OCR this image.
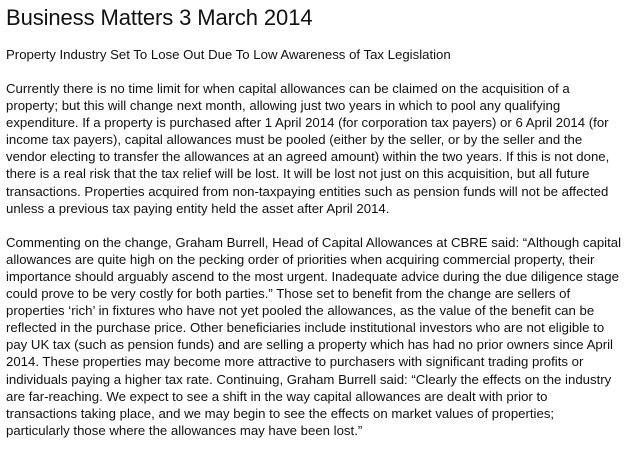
Business Matters 3 March 2014

Property Industry Set To Lose Out Due To Low Awareness of Tax Legislation

Currently there is no time limit for when capital allowances can be claimed on the acquisition of a
property; but this will change next month, allowing just two years in which to pool any qualifying
expenditure. If a property is purchased after 1 April 2014 (for corporation tax payers) or 6 April 2014 (for
income tax payers), capital allowances must be pooled (either by the seller, or by the seller and the
vendor electing to transfer the allowances at an agreed amount) within the two years. If this is not done,
there is a real risk that the tax relief will be lost. It will be lost not just on this acquisition, but all future
transactions. Properties acquired from non-taxpaying entities such as pension funds will not be affected
unless a previous tax paying entity held the asset after April 2014.

Commenting on the change, Graham Burrell, Head of Capital Allowances at CBRE said: “Although capital
allowances are quite high on the pecking order of priorities when acquiring commercial property, their
importance should arguably ascend to the most urgent. Inadequate advice during the due diligence stage
could prove to be very costly for both parties.” Those set to benefit from the change are sellers of
properties ‘rich’ in fixtures who have not yet pooled the allowances, as the value of the benefit can be
reflected in the purchase price. Other beneficiaries include institutional investors who are not eligible to
pay UK tax (such as pension funds) and are selling a property which has had no prior owners since April
2014. These properties may become more attractive to purchasers with significant trading profits or
individuals paying a higher tax rate. Continuing, Graham Burrell said: “Clearly the effects on the industry
are far-reaching. We expect to see a shift in the way capital allowances are dealt with prior to
transactions taking place, and we may begin to see the effects on market values of properties;
particularly those where the allowances may have been lost.”
